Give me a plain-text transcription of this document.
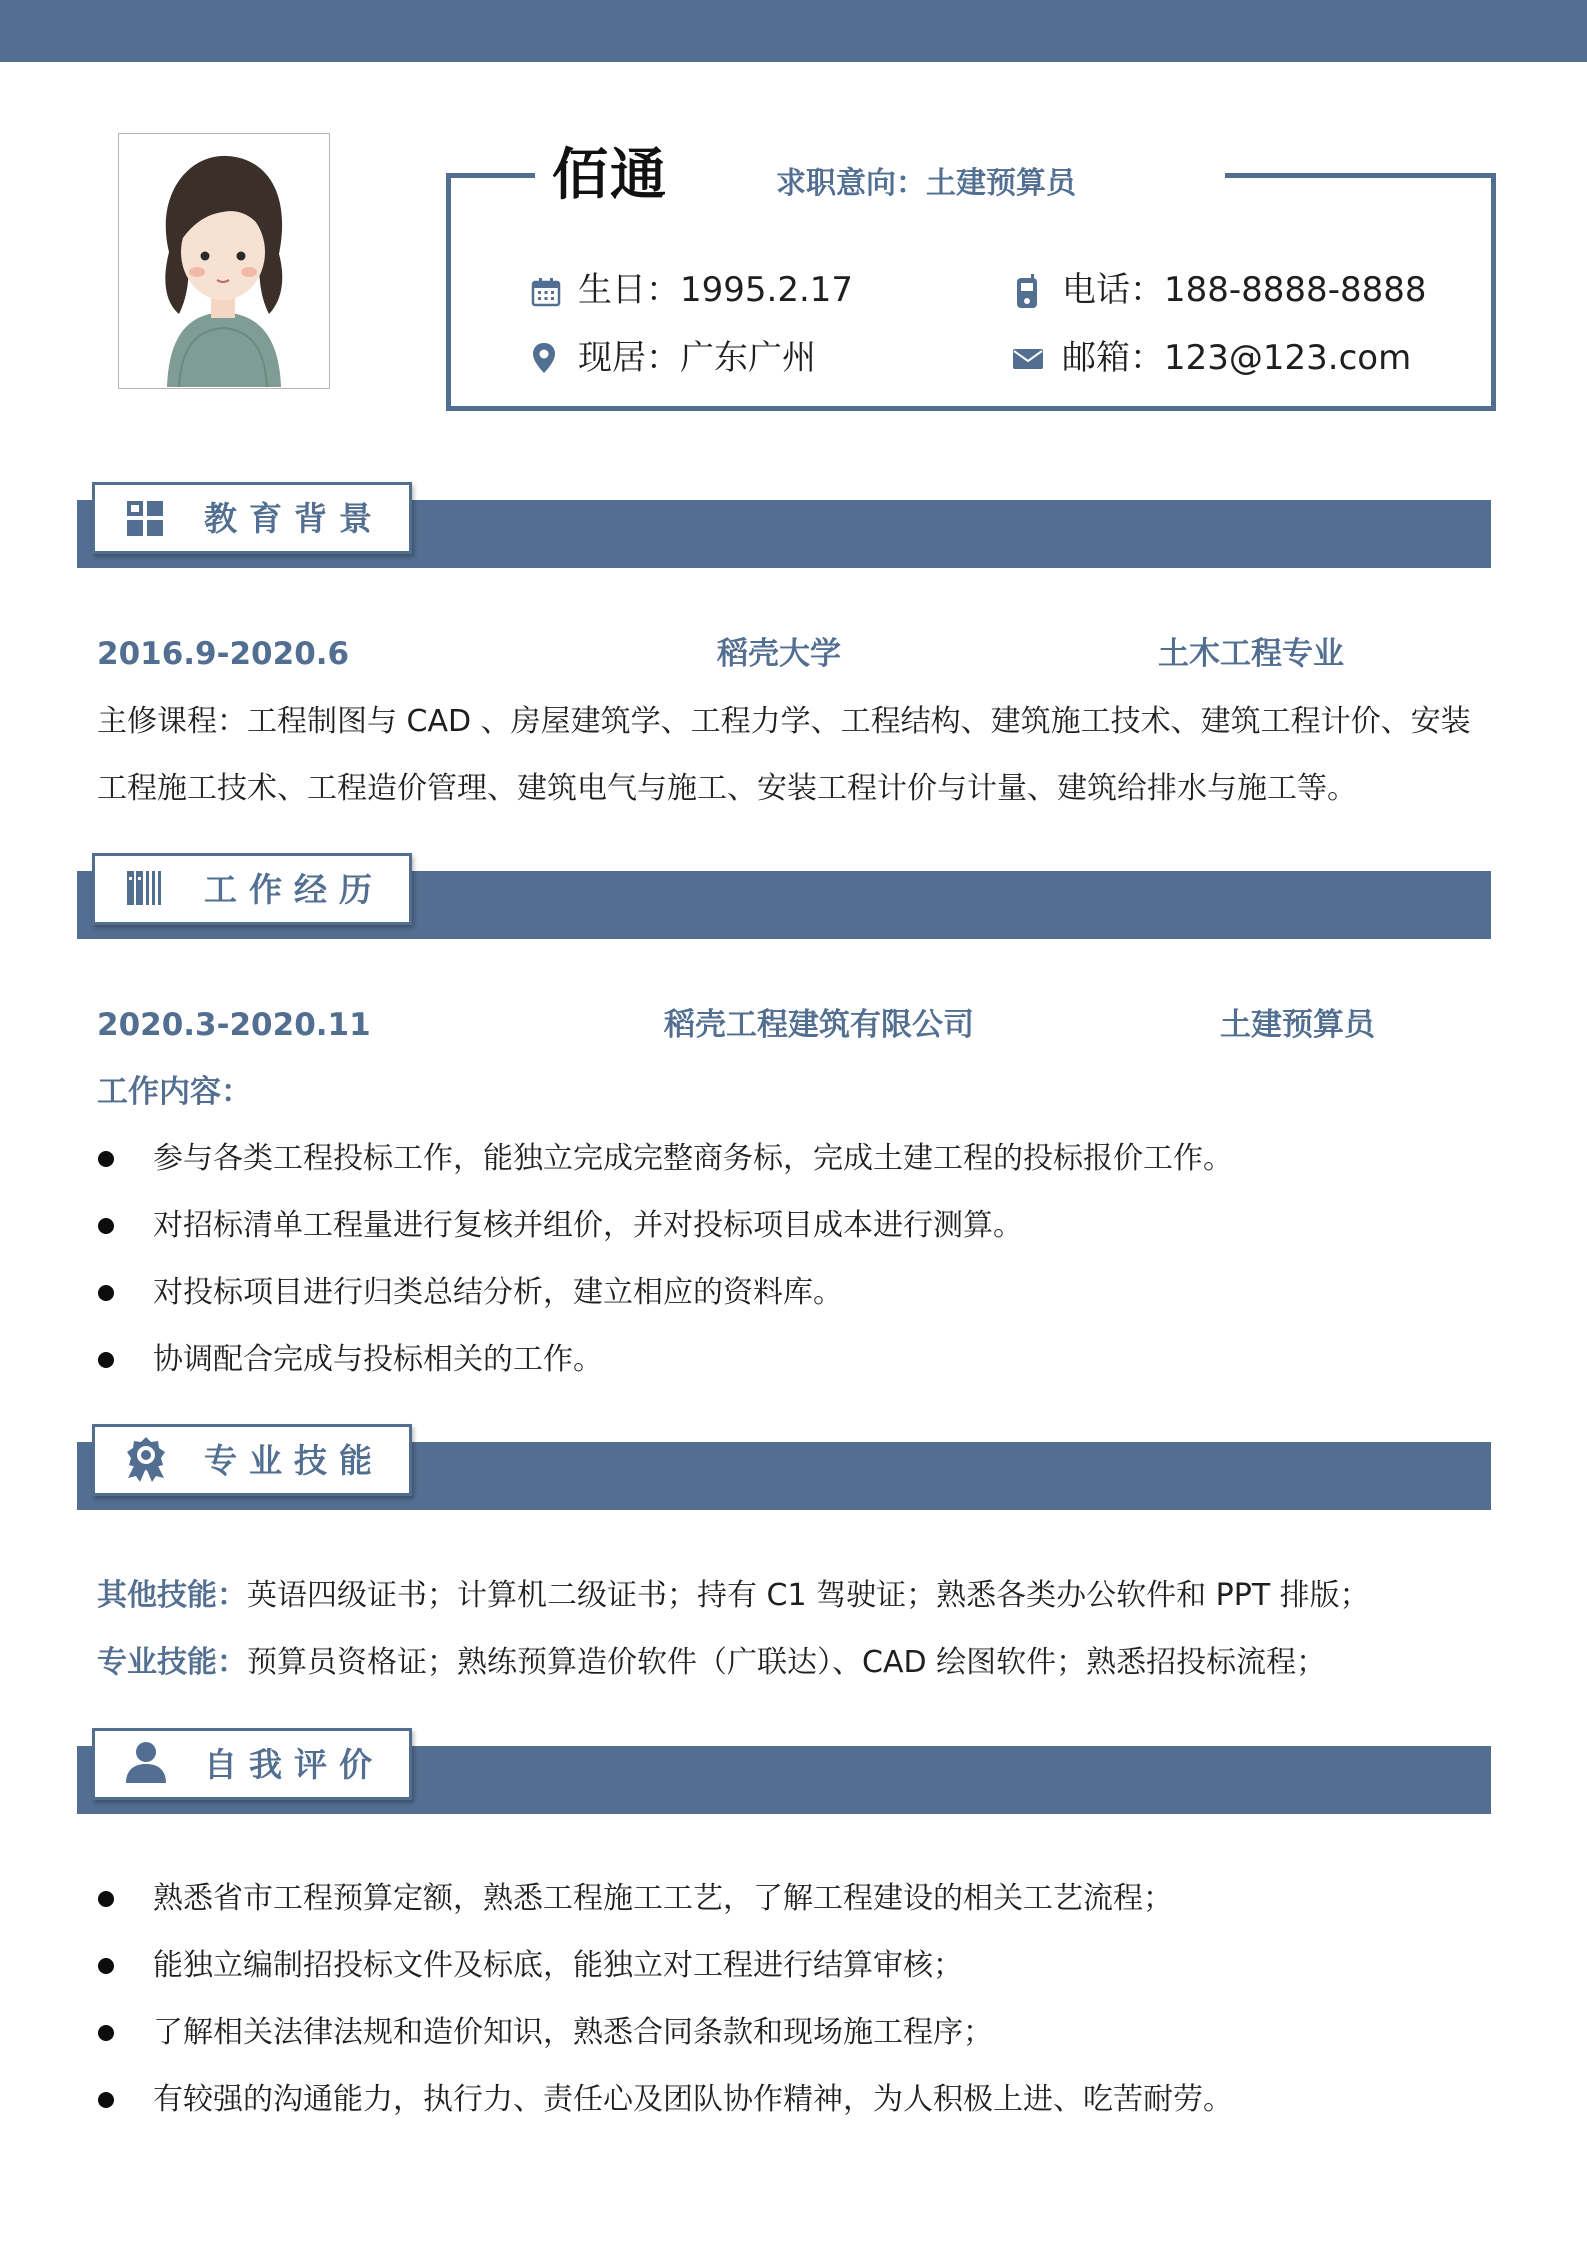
佰通	求职意向：土建预算员
生日：1995.2.17	电话：188-8888-8888
现居：广东广州	邮箱：123@123.com
教育背景
2016.9-2020.6	稻壳大学	土木工程专业
主修课程：工程制图与 CAD 、房屋建筑学、工程力学、工程结构、建筑施工技术、建筑工程计价、安装工程施工技术、工程造价管理、建筑电气与施工、安装工程计价与计量、建筑给排水与施工等。
工作经历
2020.3-2020.11	稻壳工程建筑有限公司	土建预算员
工作内容：
参与各类工程投标工作，能独立完成完整商务标，完成土建工程的投标报价工作。
对招标清单工程量进行复核并组价，并对投标项目成本进行测算。
对投标项目进行归类总结分析，建立相应的资料库。
协调配合完成与投标相关的工作。
专业技能
其他技能：英语四级证书；计算机二级证书；持有 C1 驾驶证；熟悉各类办公软件和 PPT 排版；
专业技能：预算员资格证；熟练预算造价软件（广联达）、CAD 绘图软件；熟悉招投标流程；
自我评价
熟悉省市工程预算定额，熟悉工程施工工艺，了解工程建设的相关工艺流程；
能独立编制招投标文件及标底，能独立对工程进行结算审核；
了解相关法律法规和造价知识，熟悉合同条款和现场施工程序；
有较强的沟通能力，执行力、责任心及团队协作精神，为人积极上进、吃苦耐劳。
